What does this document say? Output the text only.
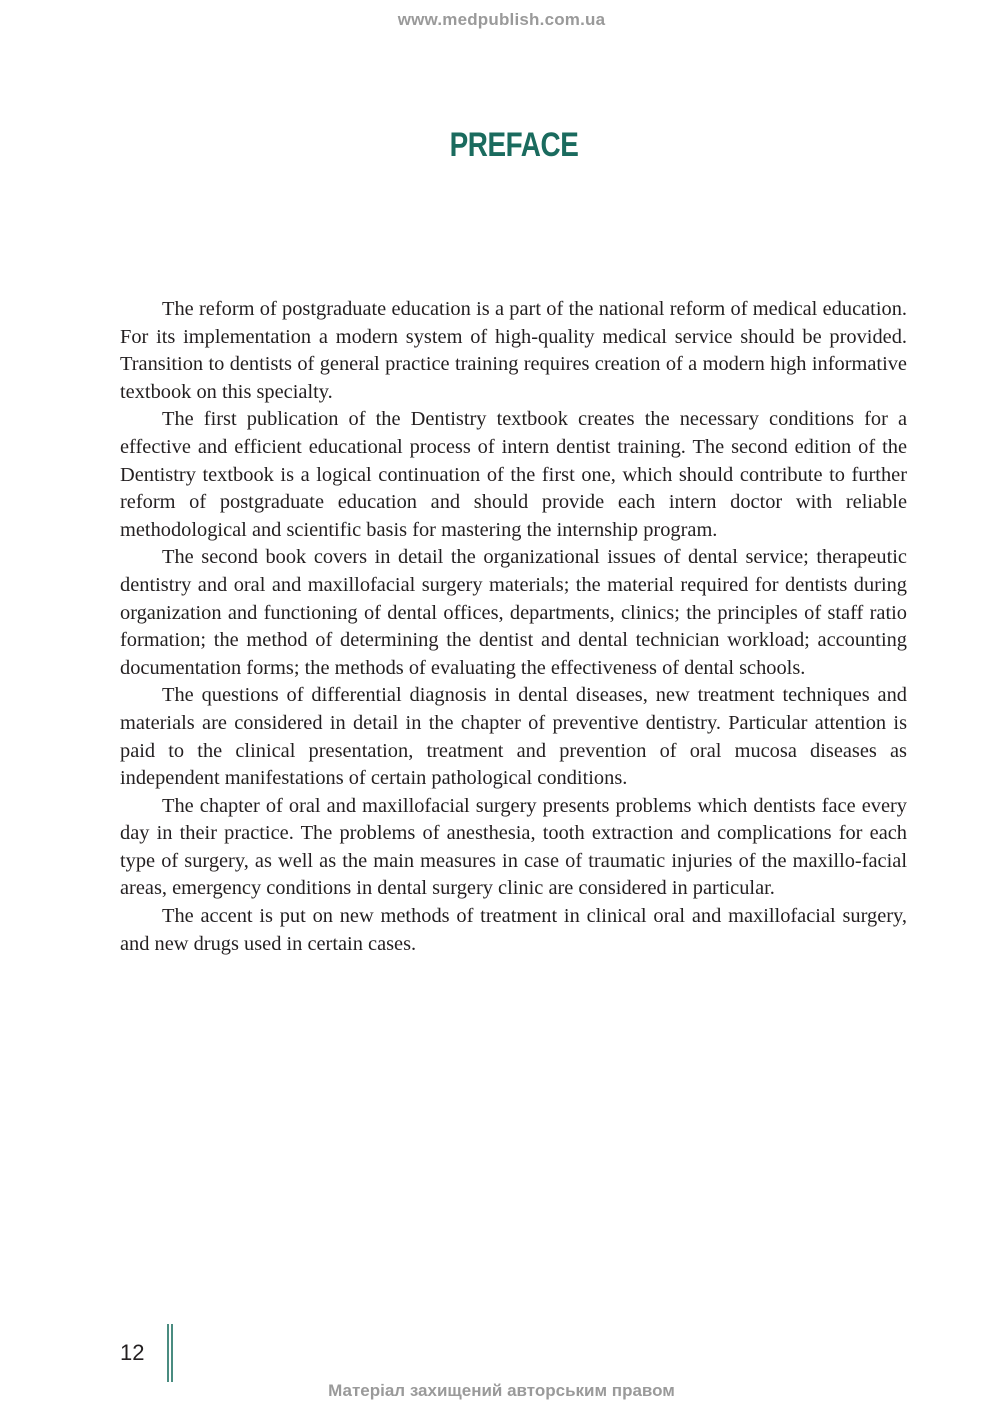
www.medpublish.com.ua
PREFACE

The reform of postgraduate education is a part of the national reform of medical education. For its implementation a modern system of high-quality medical service should be provided. Transition to dentists of general practice training requires creation of a modern high informative textbook on this specialty.

The first publication of the Dentistry textbook creates the necessary conditions for a effective and efficient educational process of intern dentist training. The second edition of the Dentistry textbook is a logical continuation of the first one, which should contribute to further reform of postgraduate education and should provide each intern doctor with reliable methodological and scientific basis for mastering the internship program.

The second book covers in detail the organizational issues of dental service; therapeutic dentistry and oral and maxillofacial surgery materials; the material required for dentists during organization and functioning of dental offices, departments, clinics; the principles of staff ratio formation; the method of determining the dentist and dental technician workload; accounting documentation forms; the methods of evaluating the effectiveness of dental schools.

The questions of differential diagnosis in dental diseases, new treatment techniques and materials are considered in detail in the chapter of preventive dentistry. Particular attention is paid to the clinical presentation, treatment and prevention of oral mucosa diseases as independent manifestations of certain pathological conditions.

The chapter of oral and maxillofacial surgery presents problems which dentists face every day in their practice. The problems of anesthesia, tooth extraction and complications for each type of surgery, as well as the main measures in case of traumatic injuries of the maxillo-facial areas, emergency conditions in dental surgery clinic are considered in particular.

The accent is put on new methods of treatment in clinical oral and maxillofacial surgery, and new drugs used in certain cases.

12
Матеріал захищений авторським правом
